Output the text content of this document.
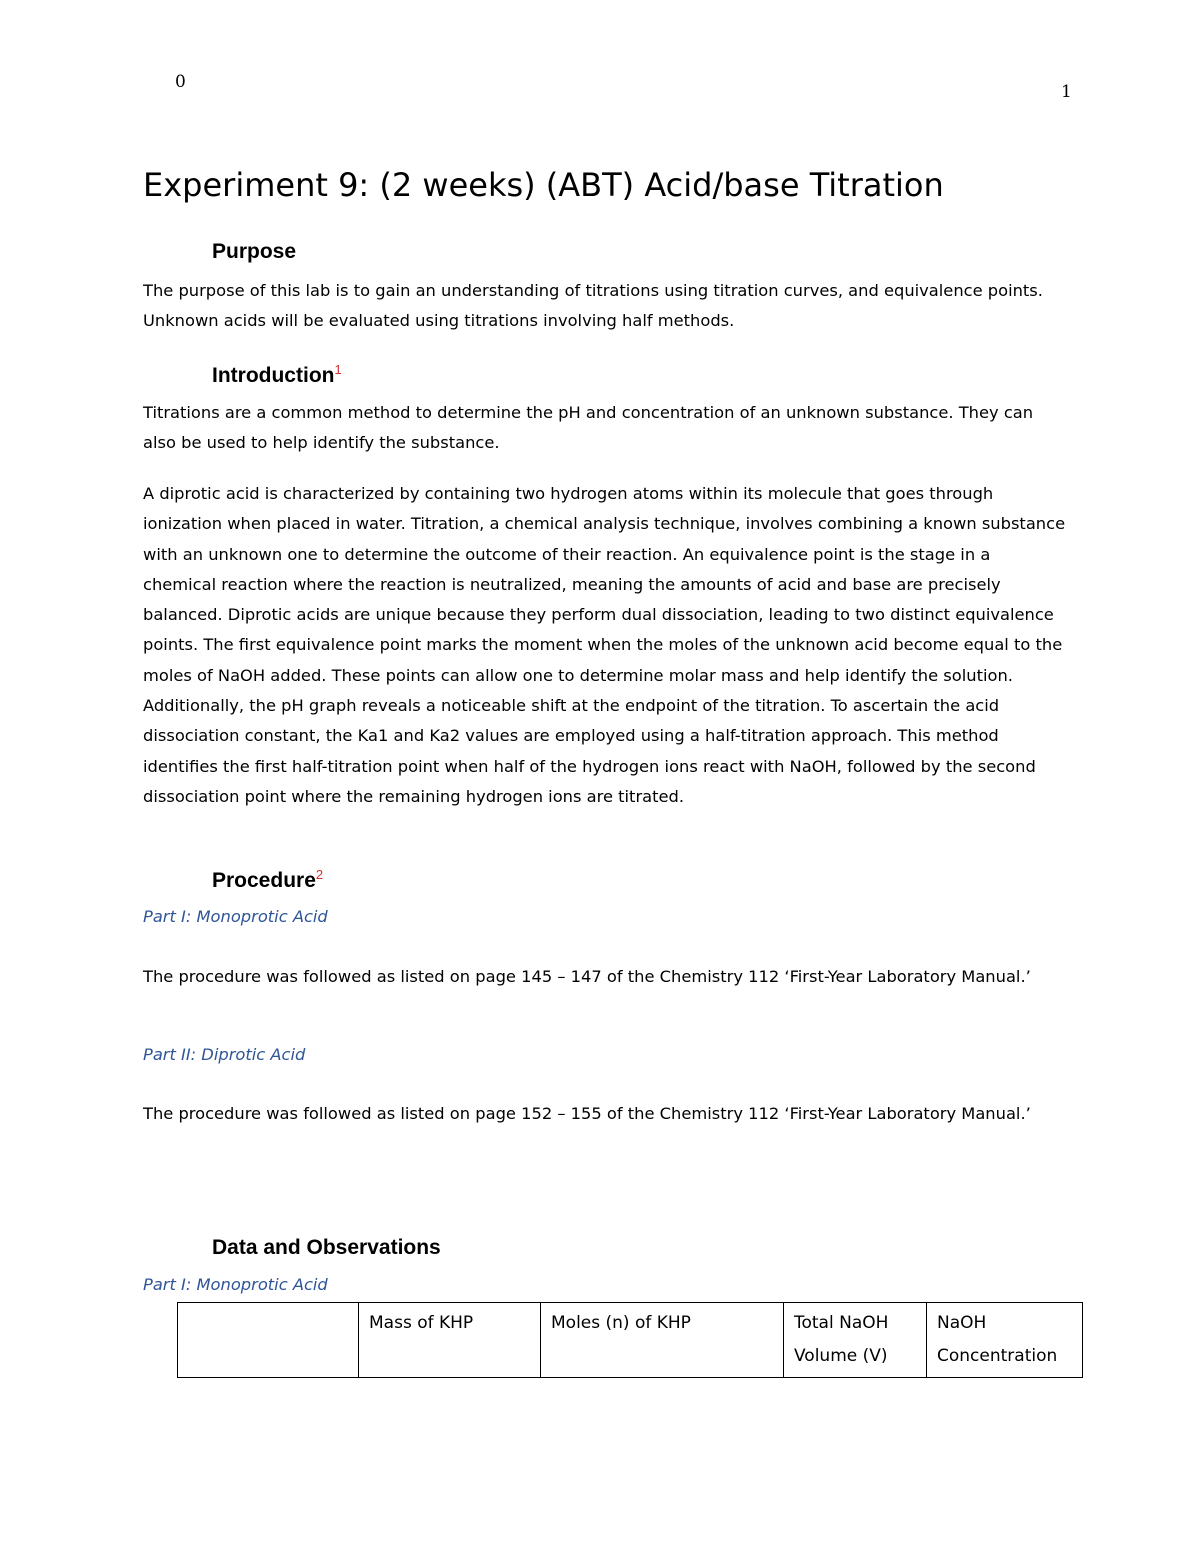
0	1
Experiment 9: (2 weeks) (ABT) Acid/base Titration
Purpose
The purpose of this lab is to gain an understanding of titrations using titration curves, and equivalence points. Unknown acids will be evaluated using titrations involving half methods.
Introduction$^1$
Titrations are a common method to determine the pH and concentration of an unknown substance. They can also be used to help identify the substance.
A diprotic acid is characterized by containing two hydrogen atoms within its molecule that goes through ionization when placed in water. Titration, a chemical analysis technique, involves combining a known substance with an unknown one to determine the outcome of their reaction. An equivalence point is the stage in a chemical reaction where the reaction is neutralized, meaning the amounts of acid and base are precisely balanced. Diprotic acids are unique because they perform dual dissociation, leading to two distinct equivalence points. The first equivalence point marks the moment when the moles of the unknown acid become equal to the moles of NaOH added. These points can allow one to determine molar mass and help identify the solution. Additionally, the pH graph reveals a noticeable shift at the endpoint of the titration. To ascertain the acid dissociation constant, the Ka1 and Ka2 values are employed using a half-titration approach. This method identifies the first half-titration point when half of the hydrogen ions react with NaOH, followed by the second dissociation point where the remaining hydrogen ions are titrated.
Procedure$^2$
Part I: Monoprotic Acid
The procedure was followed as listed on page 145 – 147 of the Chemistry 112 ‘First-Year Laboratory Manual.’
Part II: Diprotic Acid
The procedure was followed as listed on page 152 – 155 of the Chemistry 112 ‘First-Year Laboratory Manual.’
Data and Observations
Part I: Monoprotic Acid
	Mass of KHP	Moles (n) of KHP	Total NaOH Volume (V)	NaOH Concentration
